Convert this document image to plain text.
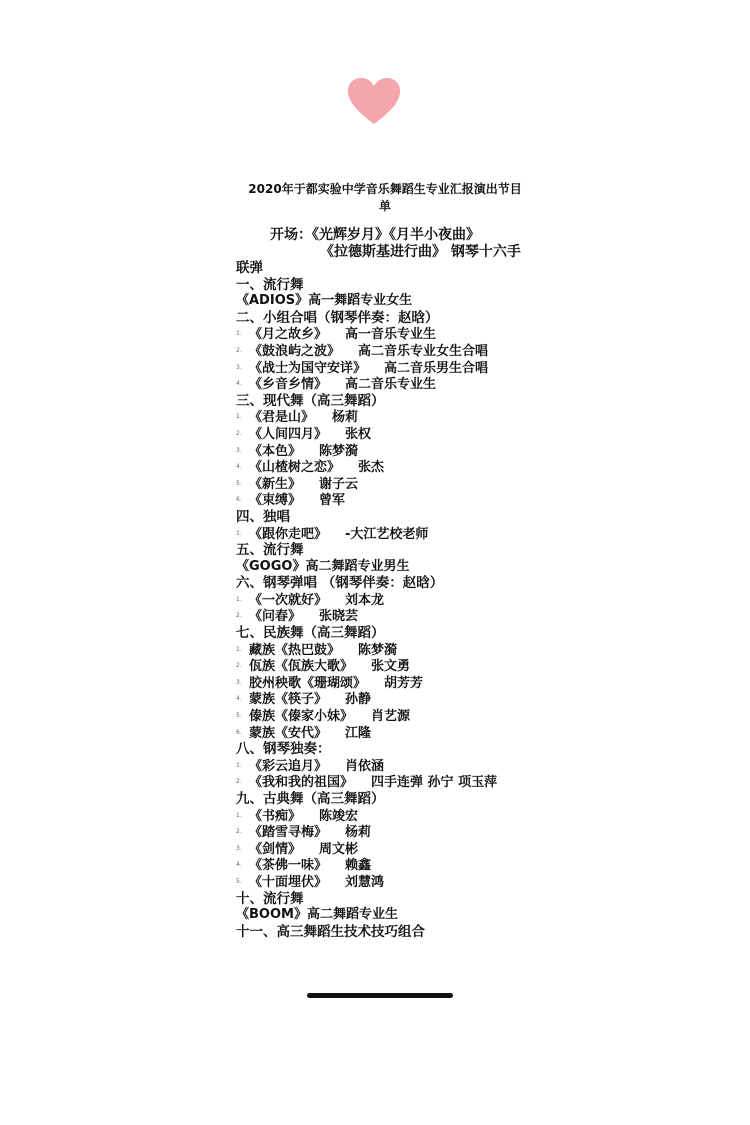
2020年于都实验中学音乐舞蹈生专业汇报演出节目
单
开场：《光辉岁月》《月半小夜曲》
《拉德斯基进行曲》 钢琴十六手
联弹
一、流行舞
《ADIOS》高一舞蹈专业女生
二、小组合唱（钢琴伴奏：赵晗）
1. 《月之故乡》 高一音乐专业生
2. 《鼓浪屿之波》 高二音乐专业女生合唱
3. 《战士为国守安详》 高二音乐男生合唱
4. 《乡音乡情》 高二音乐专业生
三、现代舞（高三舞蹈）
1. 《君是山》 杨莉
2. 《人间四月》 张权
3. 《本色》 陈梦漪
4. 《山楂树之恋》 张杰
5. 《新生》 谢子云
6. 《束缚》 曾军
四、独唱
1. 《跟你走吧》 -大江艺校老师
五、流行舞
《GOGO》高二舞蹈专业男生
六、钢琴弹唱 （钢琴伴奏：赵晗）
1. 《一次就好》 刘本龙
2. 《问春》 张晓芸
七、民族舞（高三舞蹈）
1. 藏族《热巴鼓》 陈梦漪
2. 佤族《佤族大歌》 张文勇
3. 胶州秧歌《珊瑚颂》 胡芳芳
4. 蒙族《筷子》 孙静
5. 傣族《傣家小妹》 肖艺源
6. 蒙族《安代》 江隆
八、钢琴独奏：
1. 《彩云追月》 肖依涵
2. 《我和我的祖国》 四手连弹 孙宁 项玉萍
九、古典舞（高三舞蹈）
1. 《书痴》 陈竣宏
2. 《踏雪寻梅》 杨莉
3. 《剑情》 周文彬
4. 《茶佛一味》 赖鑫
5. 《十面埋伏》 刘慧鸿
十、流行舞
《BOOM》高二舞蹈专业生
十一、高三舞蹈生技术技巧组合
